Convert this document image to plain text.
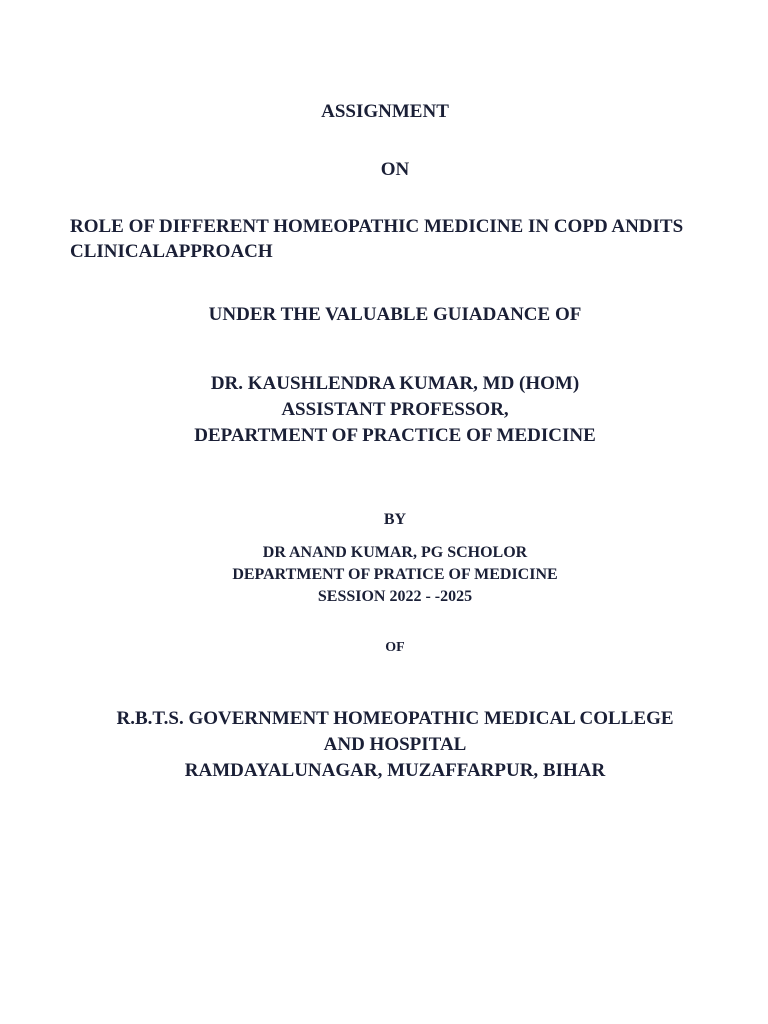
ASSIGNMENT
ON
ROLE OF DIFFERENT HOMEOPATHIC MEDICINE IN COPD ANDITS
CLINICALAPPROACH
UNDER THE VALUABLE GUIADANCE OF
DR. KAUSHLENDRA KUMAR, MD (HOM)
ASSISTANT PROFESSOR,
DEPARTMENT OF PRACTICE OF MEDICINE
BY
DR ANAND KUMAR, PG SCHOLOR
DEPARTMENT OF PRATICE OF MEDICINE
SESSION 2022 - -2025
OF
R.B.T.S. GOVERNMENT HOMEOPATHIC MEDICAL COLLEGE
AND HOSPITAL
RAMDAYALUNAGAR, MUZAFFARPUR, BIHAR
